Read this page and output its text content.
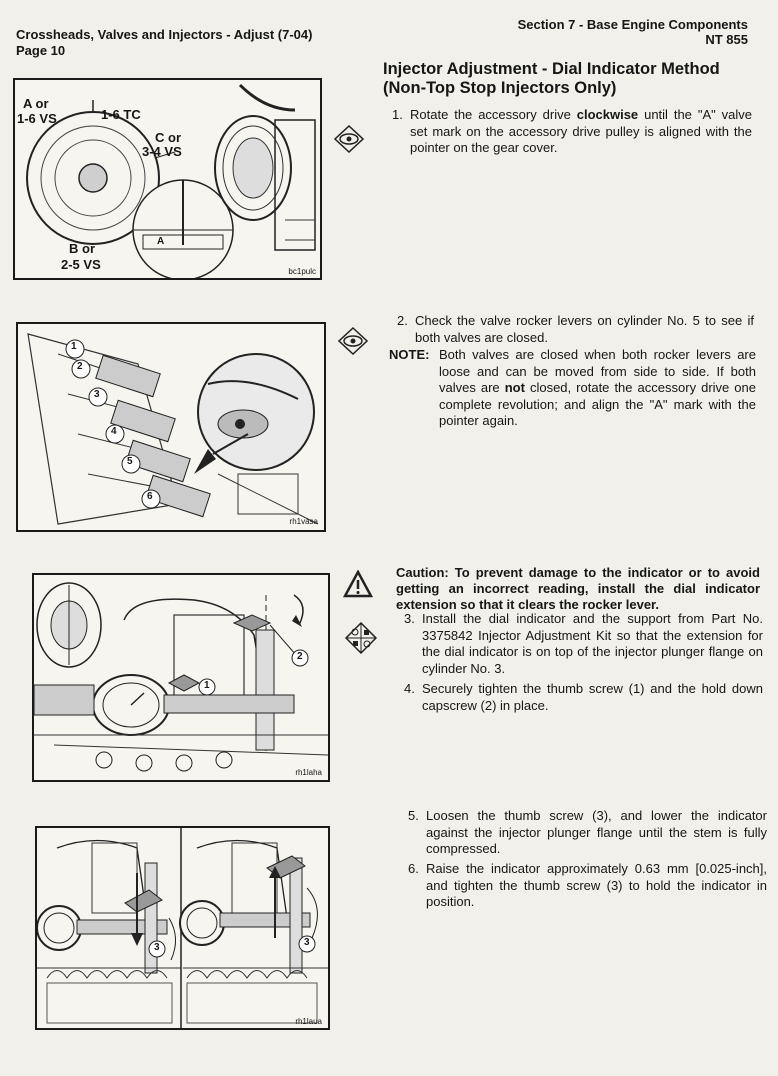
Crossheads, Valves and Injectors - Adjust (7-04)
Page 10
Section 7 - Base Engine Components
NT 855
Injector Adjustment - Dial Indicator Method
(Non-Top Stop Injectors Only)
A or
1-6 VS	1-6 TC
C or
3-4 VS
B or
2-5 VS
A
bc1pulc
1. Rotate the accessory drive clockwise until the "A" valve set mark on the accessory drive pulley is aligned with the pointer on the gear cover.
1
2
3
4
5
6
rh1vasa
2. Check the valve rocker levers on cylinder No. 5 to see if both valves are closed.
NOTE: Both valves are closed when both rocker levers are loose and can be moved from side to side. If both valves are not closed, rotate the accessory drive one complete revolution; and align the "A" mark with the pointer again.
1
2
rh1laha
Caution: To prevent damage to the indicator or to avoid getting an incorrect reading, install the dial indicator extension so that it clears the rocker lever.
3. Install the dial indicator and the support from Part No. 3375842 Injector Adjustment Kit so that the extension for the dial indicator is on top of the injector plunger flange on cylinder No. 3.
4. Securely tighten the thumb screw (1) and the hold down capscrew (2) in place.
3	3
rh1laua
5. Loosen the thumb screw (3), and lower the indicator against the injector plunger flange until the stem is fully compressed.
6. Raise the indicator approximately 0.63 mm [0.025-inch], and tighten the thumb screw (3) to hold the indicator in position.
